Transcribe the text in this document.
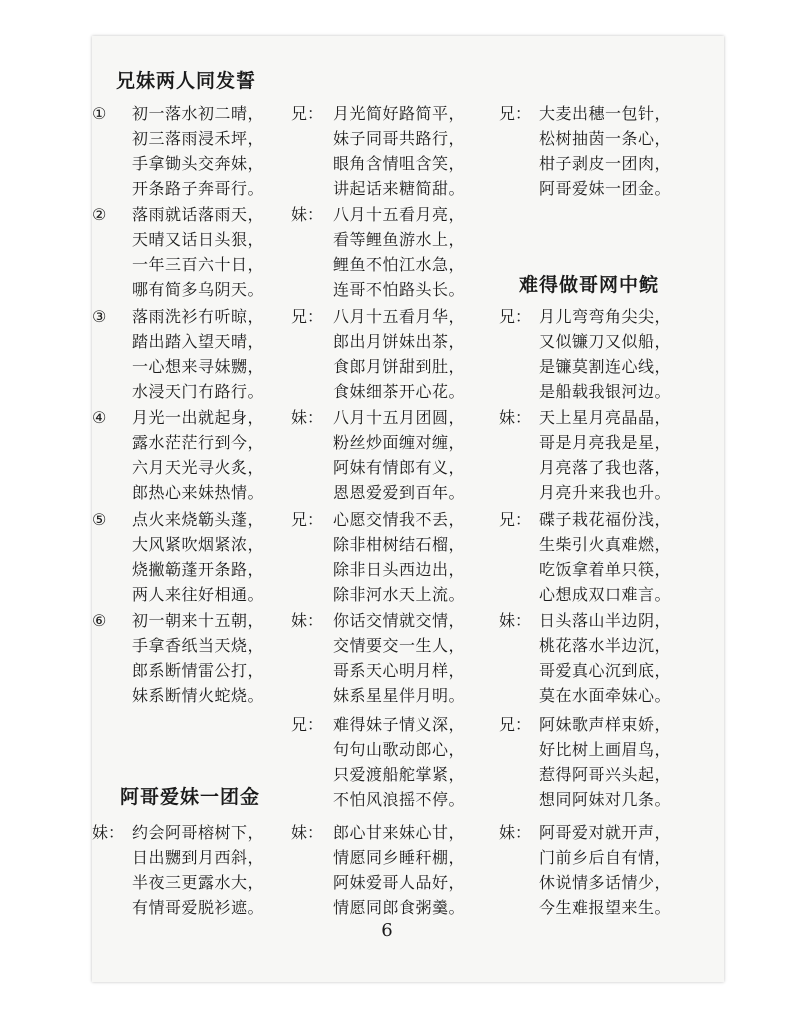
兄妹两人同发誓
① 初一落水初二晴，
初三落雨浸禾坪，
手拿锄头交奔妹，
开条路子奔哥行。
② 落雨就话落雨天，
天晴又话日头狠，
一年三百六十日，
哪有简多乌阴天。
③ 落雨洗衫冇听晾，
踏出踏入望天晴，
一心想来寻妹嬲，
水浸天门冇路行。
④ 月光一出就起身，
露水茫茫行到今，
六月天光寻火炙，
郎热心来妹热情。
⑤ 点火来烧簕头蓬，
大风紧吹烟紧浓，
烧撇簕蓬开条路，
两人来往好相通。
⑥ 初一朝来十五朝，
手拿香纸当天烧，
郎系断情雷公打，
妹系断情火蛇烧。
阿哥爱妹一团金
妹： 约会阿哥榕树下，
日出嬲到月西斜，
半夜三更露水大，
有情哥爱脱衫遮。
兄： 月光简好路简平，
妹子同哥共路行，
眼角含情咀含笑，
讲起话来糖简甜。
妹： 八月十五看月亮，
看等鲤鱼游水上，
鲤鱼不怕江水急，
连哥不怕路头长。
兄： 八月十五看月华，
郎出月饼妹出茶，
食郎月饼甜到肚，
食妹细茶开心花。
妹： 八月十五月团圆，
粉丝炒面缠对缠，
阿妹有情郎有义，
恩恩爱爱到百年。
兄： 心愿交情我不丢，
除非柑树结石榴，
除非日头西边出，
除非河水天上流。
妹： 你话交情就交情，
交情要交一生人，
哥系天心明月样，
妹系星星伴月明。
兄： 难得妹子情义深，
句句山歌动郎心，
只爱渡船舵掌紧，
不怕风浪摇不停。
妹： 郎心甘来妹心甘，
情愿同乡睡秆棚，
阿妹爱哥人品好，
情愿同郎食粥羹。
兄： 大麦出穗一包针，
松树抽茵一条心，
柑子剥皮一团肉，
阿哥爱妹一团金。
难得做哥网中鲩
兄： 月儿弯弯角尖尖，
又似镰刀又似船，
是镰莫割连心线，
是船载我银河边。
妹： 天上星月亮晶晶，
哥是月亮我是星，
月亮落了我也落，
月亮升来我也升。
兄： 碟子栽花福份浅，
生柴引火真难燃，
吃饭拿着单只筷，
心想成双口难言。
妹： 日头落山半边阴，
桃花落水半边沉，
哥爱真心沉到底，
莫在水面牵妹心。
兄： 阿妹歌声样束娇，
好比树上画眉鸟，
惹得阿哥兴头起，
想同阿妹对几条。
妹： 阿哥爱对就开声，
门前乡后自有情，
休说情多话情少，
今生难报望来生。
6
